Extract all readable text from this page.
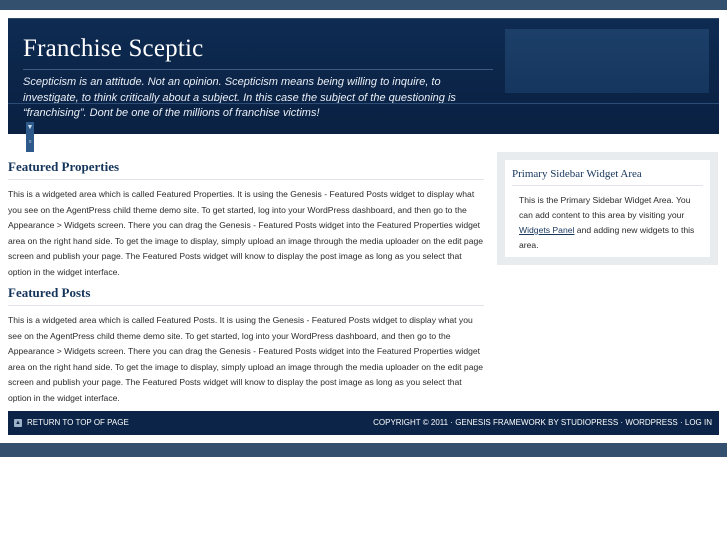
Franchise Sceptic
Scepticism is an attitude. Not an opinion. Scepticism means being willing to inquire, to investigate, to think critically about a subject. In this case the subject of the questioning is “franchising”. Dont be one of the millions of franchise victims!
▼
▫
Featured Properties

This is a widgeted area which is called Featured Properties. It is using the Genesis - Featured Posts widget to display what you see on the AgentPress child theme demo site. To get started, log into your WordPress dashboard, and then go to the Appearance > Widgets screen. There you can drag the Genesis - Featured Posts widget into the Featured Properties widget area on the right hand side. To get the image to display, simply upload an image through the media uploader on the edit page screen and publish your page. The Featured Posts widget will know to display the post image as long as you select that option in the widget interface.

Featured Posts

This is a widgeted area which is called Featured Posts. It is using the Genesis - Featured Posts widget to display what you see on the AgentPress child theme demo site. To get started, log into your WordPress dashboard, and then go to the Appearance > Widgets screen. There you can drag the Genesis - Featured Posts widget into the Featured Properties widget area on the right hand side. To get the image to display, simply upload an image through the media uploader on the edit page screen and publish your page. The Featured Posts widget will know to display the post image as long as you select that option in the widget interface.

Primary Sidebar Widget Area
This is the Primary Sidebar Widget Area. You can add content to this area by visiting your Widgets Panel and adding new widgets to this area.
▲ RETURN TO TOP OF PAGE	COPYRIGHT © 2011 · GENESIS FRAMEWORK BY STUDIOPRESS · WORDPRESS · LOG IN
